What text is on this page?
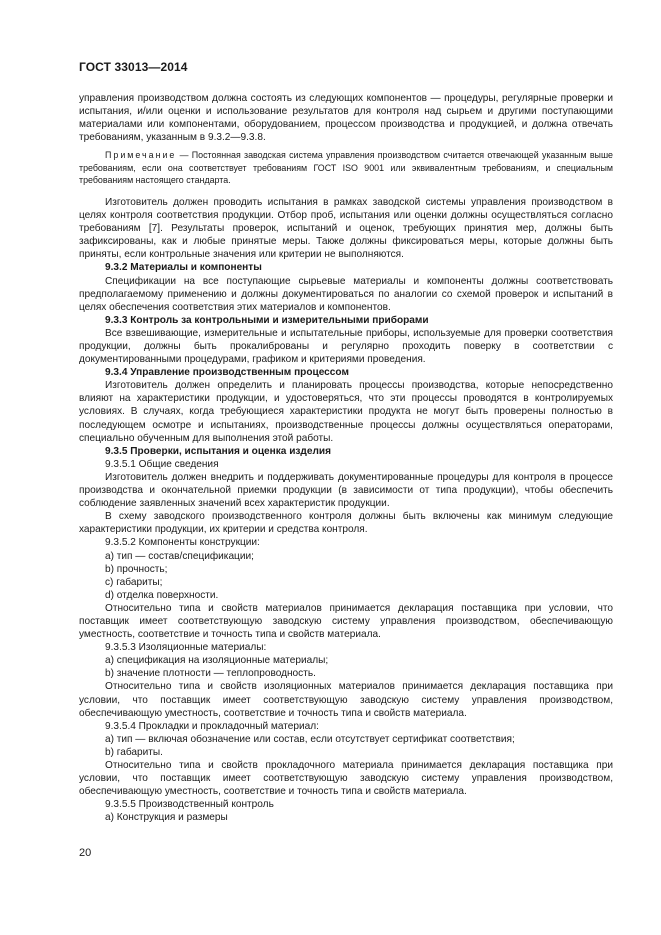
ГОСТ 33013—2014

управления производством должна состоять из следующих компонентов — процедуры, регулярные проверки и испытания, и/или оценки и использование результатов для контроля над сырьем и другими поступающими материалами или компонентами, оборудованием, процессом производства и продукцией, и должна отвечать требованиям, указанным в 9.3.2—9.3.8.

Примечание — Постоянная заводская система управления производством считается отвечающей указанным выше требованиям, если она соответствует требованиям ГОСТ ISO 9001 или эквивалентным требованиям, и специальным требованиям настоящего стандарта.

Изготовитель должен проводить испытания в рамках заводской системы управления производством в целях контроля соответствия продукции. Отбор проб, испытания или оценки должны осуществляться согласно требованиям [7]. Результаты проверок, испытаний и оценок, требующих принятия мер, должны быть зафиксированы, как и любые принятые меры. Также должны фиксироваться меры, которые должны быть приняты, если контрольные значения или критерии не выполняются.

9.3.2 Материалы и компоненты

Спецификации на все поступающие сырьевые материалы и компоненты должны соответствовать предполагаемому применению и должны документироваться по аналогии со схемой проверок и испытаний в целях обеспечения соответствия этих материалов и компонентов.

9.3.3 Контроль за контрольными и измерительными приборами

Все взвешивающие, измерительные и испытательные приборы, используемые для проверки соответствия продукции, должны быть прокалиброваны и регулярно проходить поверку в соответствии с документированными процедурами, графиком и критериями проведения.

9.3.4 Управление производственным процессом

Изготовитель должен определить и планировать процессы производства, которые непосредственно влияют на характеристики продукции, и удостоверяться, что эти процессы проводятся в контролируемых условиях. В случаях, когда требующиеся характеристики продукта не могут быть проверены полностью в последующем осмотре и испытаниях, производственные процессы должны осуществляться операторами, специально обученным для выполнения этой работы.

9.3.5 Проверки, испытания и оценка изделия

9.3.5.1 Общие сведения

Изготовитель должен внедрить и поддерживать документированные процедуры для контроля в процессе производства и окончательной приемки продукции (в зависимости от типа продукции), чтобы обеспечить соблюдение заявленных значений всех характеристик продукции.

В схему заводского производственного контроля должны быть включены как минимум следующие характеристики продукции, их критерии и средства контроля.

9.3.5.2 Компоненты конструкции:

a) тип — состав/спецификации;

b) прочность;

c) габариты;

d) отделка поверхности.

Относительно типа и свойств материалов принимается декларация поставщика при условии, что поставщик имеет соответствующую заводскую систему управления производством, обеспечивающую уместность, соответствие и точность типа и свойств материала.

9.3.5.3 Изоляционные материалы:

a) спецификация на изоляционные материалы;

b) значение плотности — теплопроводность.

Относительно типа и свойств изоляционных материалов принимается декларация поставщика при условии, что поставщик имеет соответствующую заводскую систему управления производством, обеспечивающую уместность, соответствие и точность типа и свойств материала.

9.3.5.4 Прокладки и прокладочный материал:

a) тип — включая обозначение или состав, если отсутствует сертификат соответствия;

b) габариты.

Относительно типа и свойств прокладочного материала принимается декларация поставщика при условии, что поставщик имеет соответствующую заводскую систему управления производством, обеспечивающую уместность, соответствие и точность типа и свойств материала.

9.3.5.5 Производственный контроль

a) Конструкция и размеры

20
